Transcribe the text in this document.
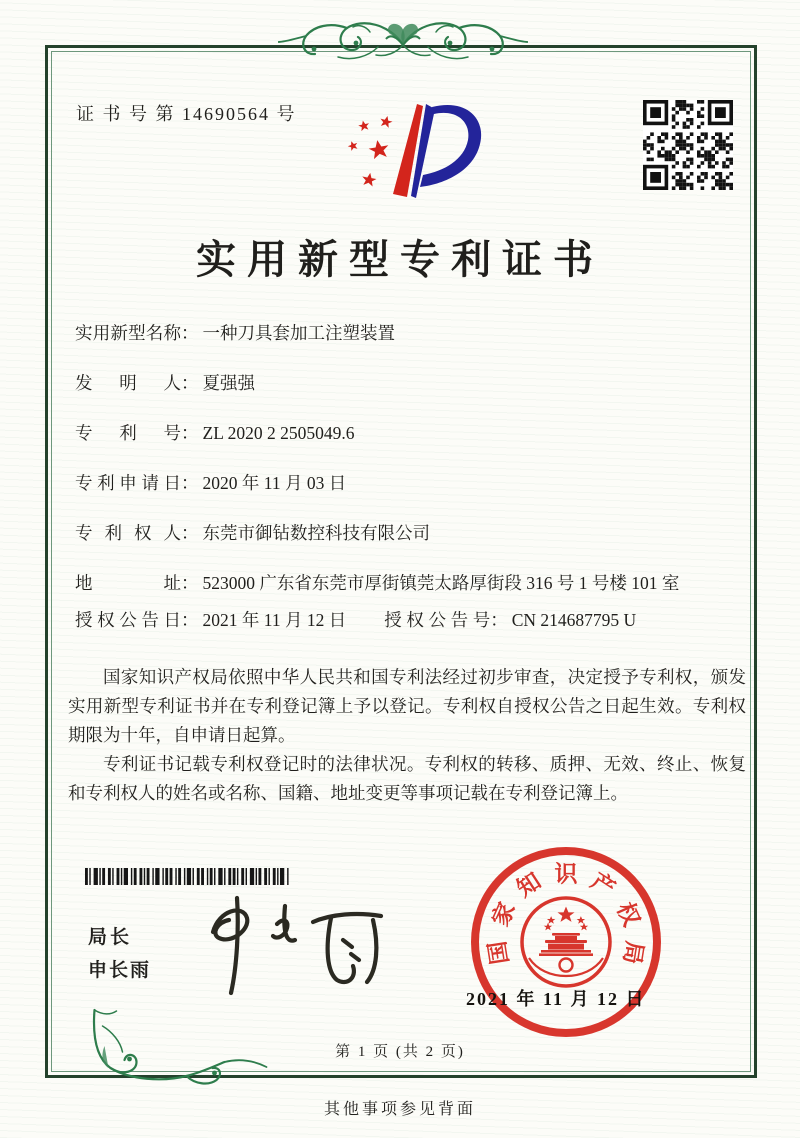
证 书 号 第 14690564 号
实用新型专利证书
实用新型名称 ： 一种刀具套加工注塑装置
发明人 ： 夏强强
专利号 ： ZL 2020 2 2505049.6
专利申请日 ： 2020 年 11 月 03 日
专利权人 ： 东莞市御钻数控科技有限公司
地址 ： 523000 广东省东莞市厚街镇莞太路厚街段 316 号 1 号楼 101 室
授权公告日 ： 2021 年 11 月 12 日 授权公告号 ： CN 214687795 U

国家知识产权局依照中华人民共和国专利法经过初步审查，决定授予专利权，颁发实用新型专利证书并在专利登记簿上予以登记。专利权自授权公告之日起生效。专利权期限为十年，自申请日起算。

专利证书记载专利权登记时的法律状况。专利权的转移、质押、无效、终止、恢复和专利权人的姓名或名称、国籍、地址变更等事项记载在专利登记簿上。

局长
申长雨
国
家
知 识 产
权
局
2021 年 11 月 12 日
第 1 页 (共 2 页)
其他事项参见背面
